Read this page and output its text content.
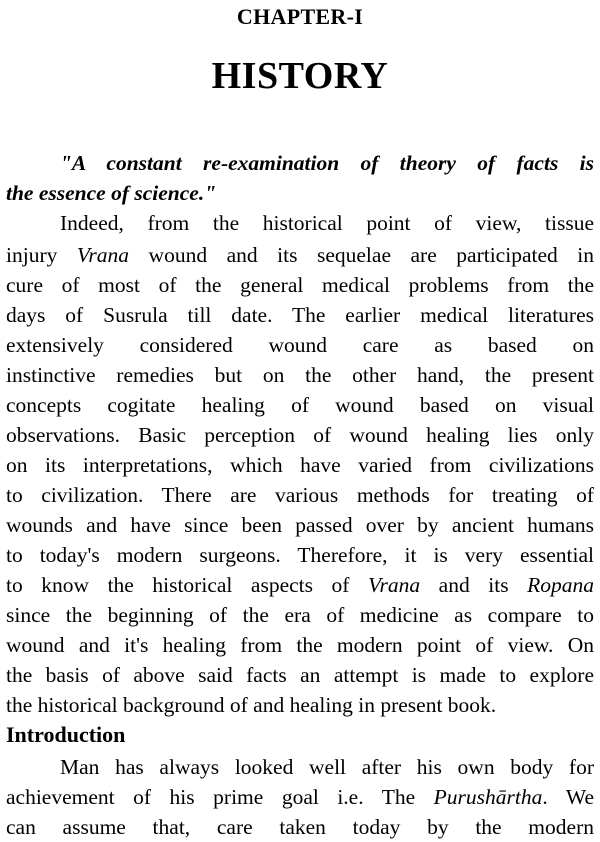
CHAPTER-I
HISTORY
"A constant re-examination of theory of facts is
the essence of science."
Indeed, from the historical point of view, tissue
injury Vrana wound and its sequelae are participated in
cure of most of the general medical problems from the
days of Susrula till date. The earlier medical literatures
extensively considered wound care as based on
instinctive remedies but on the other hand, the present
concepts cogitate healing of wound based on visual
observations. Basic perception of wound healing lies only
on its interpretations, which have varied from civilizations
to civilization. There are various methods for treating of
wounds and have since been passed over by ancient humans
to today's modern surgeons. Therefore, it is very essential
to know the historical aspects of Vrana and its Ropana
since the beginning of the era of medicine as compare to
wound and it's healing from the modern point of view. On
the basis of above said facts an attempt is made to explore
the historical background of and healing in present book.
Introduction
Man has always looked well after his own body for
achievement of his prime goal i.e. The Purushārtha. We
can assume that, care taken today by the modern
